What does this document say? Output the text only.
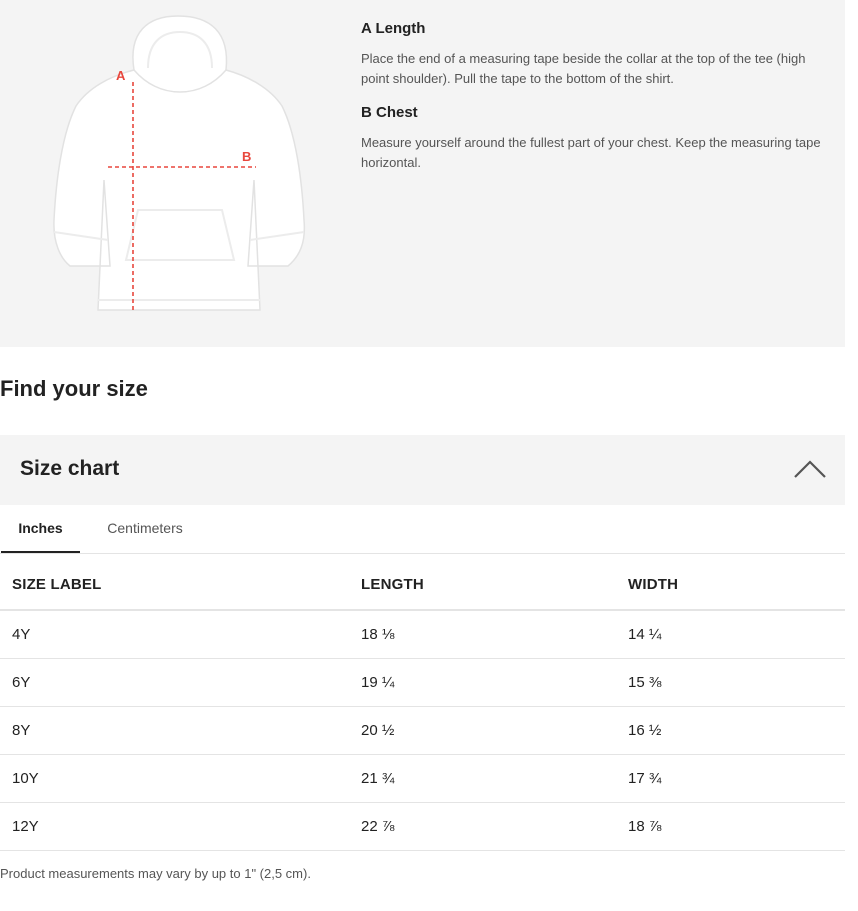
A
B
A Length

Place the end of a measuring tape beside the collar at the top of the tee (high point shoulder). Pull the tape to the bottom of the shirt.

B Chest

Measure yourself around the fullest part of your chest. Keep the measuring tape horizontal.

Find your size
Size chart
Inches	Centimeters
SIZE LABEL	LENGTH	WIDTH
4Y	18 ⅛	14 ¼
6Y	19 ¼	15 ⅜
8Y	20 ½	16 ½
10Y	21 ¾	17 ¾
12Y	22 ⅞	18 ⅞
Product measurements may vary by up to 1" (2,5 cm).
